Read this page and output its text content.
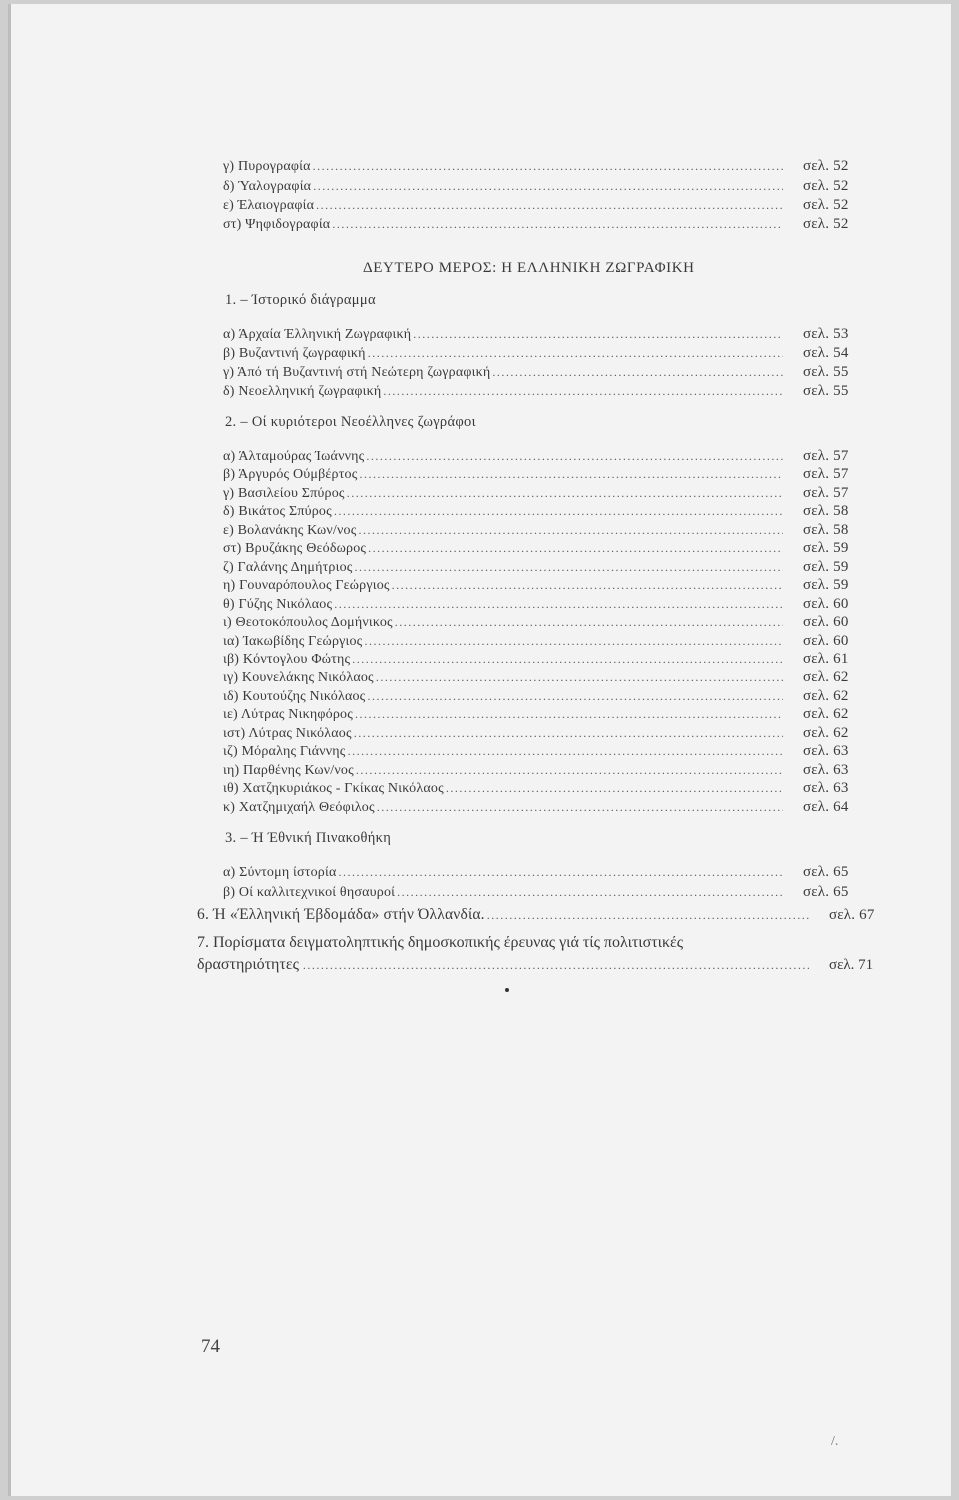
γ) Πυρογραφία .....	σελ. 52
δ) Ύαλογραφία .....	σελ. 52
ε) Έλαιογραφία .....	σελ. 52
στ) Ψηφιδογραφία .....	σελ. 52
ΔΕΥΤΕΡΟ ΜΕΡΟΣ: Η ΕΛΛΗΝΙΚΗ ΖΩΓΡΑΦΙΚΗ
1. – Ίστορικό διάγραμμα
α) Άρχαία Έλληνική Ζωγραφική .....	σελ. 53
β) Βυζαντινή ζωγραφική .....	σελ. 54
γ) Άπό τή Βυζαντινή στή Νεώτερη ζωγραφική .....	σελ. 55
δ) Νεοελληνική ζωγραφική .....	σελ. 55
2. – Οί κυριότεροι Νεοέλληνες ζωγράφοι
α) Άλταμούρας Ίωάννης .....	σελ. 57
β) Άργυρός Ούμβέρτος .....	σελ. 57
γ) Βασιλείου Σπύρος .....	σελ. 57
δ) Βικάτος Σπύρος .....	σελ. 58
ε) Βολανάκης Κων/νος .....	σελ. 58
στ) Βρυζάκης Θεόδωρος .....	σελ. 59
ζ) Γαλάνης Δημήτριος .....	σελ. 59
η) Γουναρόπουλος Γεώργιος .....	σελ. 59
θ) Γύζης Νικόλαος .....	σελ. 60
ι) Θεοτοκόπουλος Δομήνικος .....	σελ. 60
ια) Ίακωβίδης Γεώργιος .....	σελ. 60
ιβ) Κόντογλου Φώτης .....	σελ. 61
ιγ) Κουνελάκης Νικόλαος .....	σελ. 62
ιδ) Κουτούζης Νικόλαος .....	σελ. 62
ιε) Λύτρας Νικηφόρος .....	σελ. 62
ιστ) Λύτρας Νικόλαος .....	σελ. 62
ιζ) Μόραλης Γιάννης .....	σελ. 63
ιη) Παρθένης Κων/νος .....	σελ. 63
ιθ) Χατζηκυριάκος - Γκίκας Νικόλαος .....	σελ. 63
κ) Χατζημιχαήλ Θεόφιλος .....	σελ. 64
3. – Ή Έθνική Πινακοθήκη
α) Σύντομη ίστορία .....	σελ. 65
β) Οί καλλιτεχνικοί θησαυροί .....	σελ. 65
6. Ή «Έλληνική Έβδομάδα» στήν Όλλανδία. .....	σελ. 67
7. Πορίσματα δειγματοληπτικής δημοσκοπικής έρευνας γιά τίς πολιτιστικές
δραστηριότητες .....	σελ. 71
74
/.
